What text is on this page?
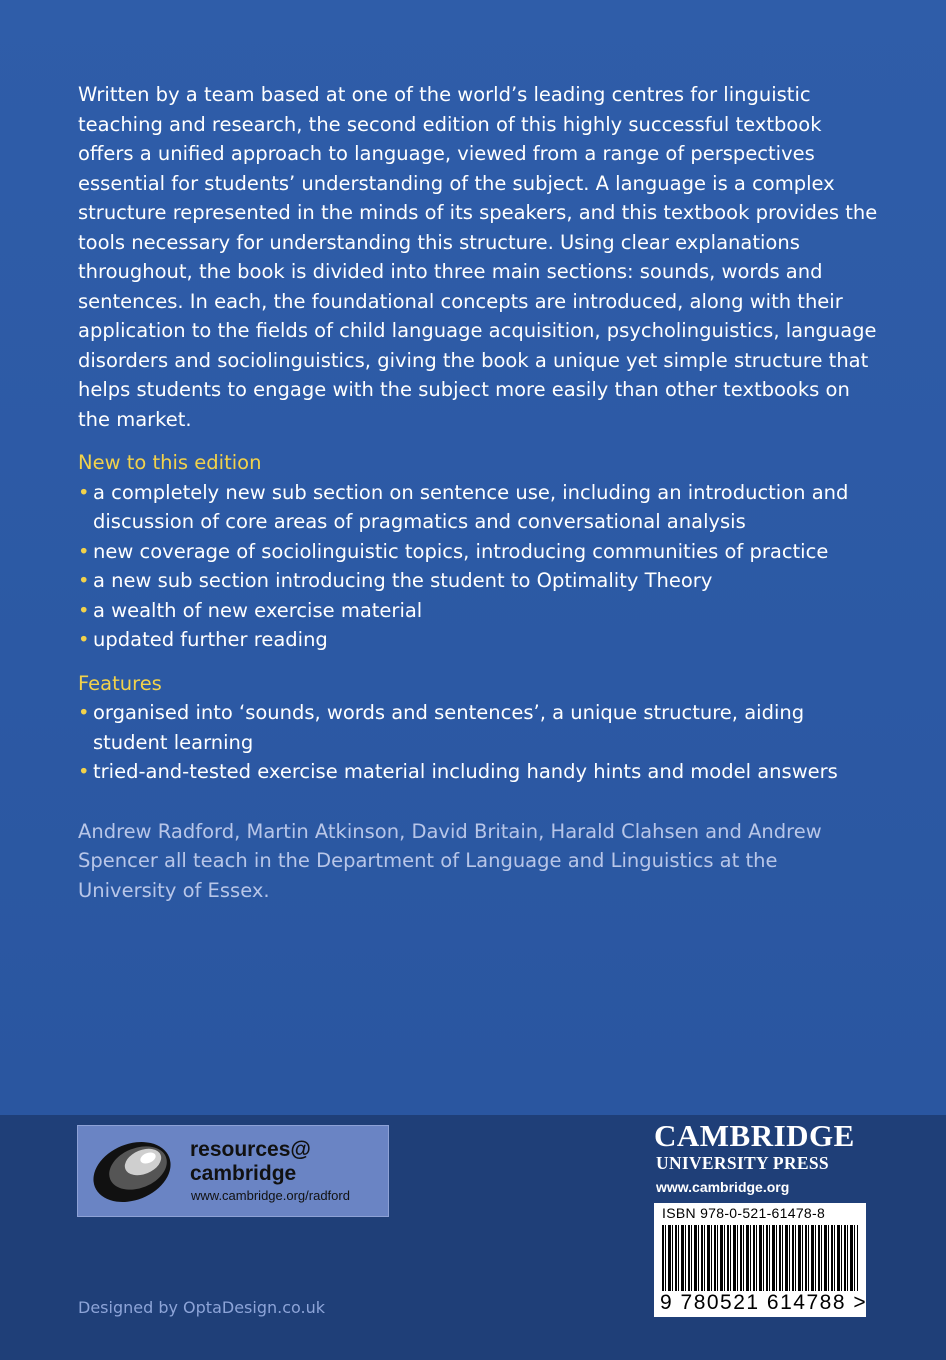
Written by a team based at one of the world’s leading centres for linguistic teaching and research, the second edition of this highly successful textbook offers a unified approach to language, viewed from a range of perspectives essential for students’ understanding of the subject. A language is a complex structure represented in the minds of its speakers, and this textbook provides the tools necessary for understanding this structure. Using clear explanations throughout, the book is divided into three main sections: sounds, words and sentences. In each, the foundational concepts are introduced, along with their application to the fields of child language acquisition, psycholinguistics, language disorders and sociolinguistics, giving the book a unique yet simple structure that helps students to engage with the subject more easily than other textbooks on the market.

New to this edition

• a completely new sub section on sentence use, including an introduction and discussion of core areas of pragmatics and conversational analysis
• new coverage of sociolinguistic topics, introducing communities of practice
• a new sub section introducing the student to Optimality Theory
• a wealth of new exercise material
• updated further reading

Features

• organised into ‘sounds, words and sentences’, a unique structure, aiding student learning
• tried-and-tested exercise material including handy hints and model answers

Andrew Radford, Martin Atkinson, David Britain, Harald Clahsen and Andrew Spencer all teach in the Department of Language and Linguistics at the University of Essex.

resources@
cambridge
www.cambridge.org/radford
CAMBRIDGE
UNIVERSITY PRESS
www.cambridge.org
ISBN 978-0-521-61478-8
9 780521 614788 >
Designed by OptaDesign.co.uk
